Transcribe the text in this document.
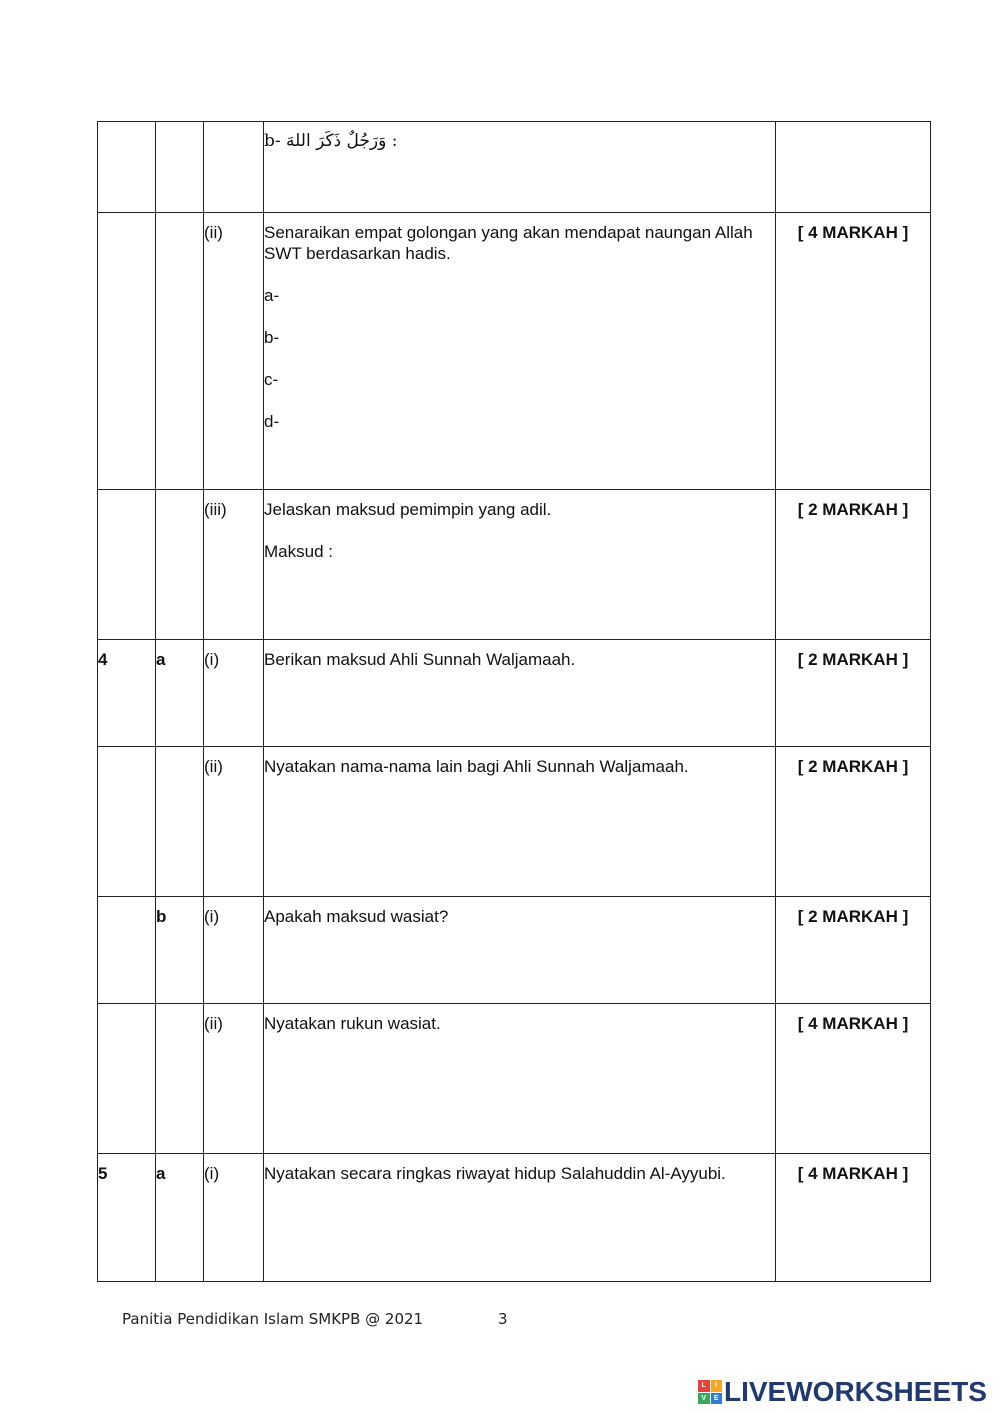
			b- وَرَجُلٌ ذَكَرَ اللهَ :	

		(ii)	Senaraikan empat golongan yang akan mendapat naungan Allah SWT berdasarkan hadis.
a-
b-
c-
d-	[ 4 MARKAH ]
		(iii)	Jelaskan maksud pemimpin yang adil.
Maksud :	[ 2 MARKAH ]
4	a	(i)	Berikan maksud Ahli Sunnah Waljamaah.	[ 2 MARKAH ]
		(ii)	Nyatakan nama-nama lain bagi Ahli Sunnah Waljamaah.	[ 2 MARKAH ]
	b	(i)	Apakah maksud wasiat?	[ 2 MARKAH ]
		(ii)	Nyatakan rukun wasiat.	[ 4 MARKAH ]
5	a	(i)	Nyatakan secara ringkas riwayat hidup Salahuddin Al-Ayyubi.	[ 4 MARKAH ]
Panitia Pendidikan Islam SMKPB @ 2021	3
L	I
V	E LIVEWORKSHEETS
